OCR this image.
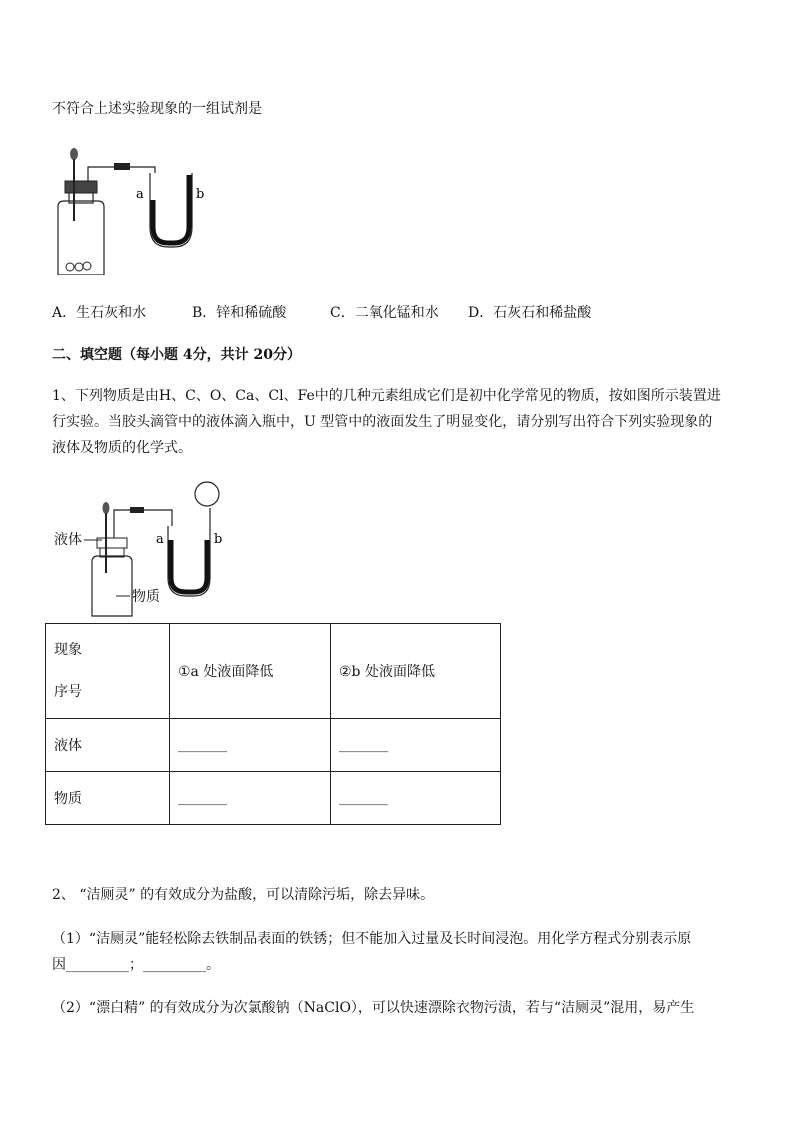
不符合上述实验现象的一组试剂是
a	b
A．生石灰和水	B．锌和稀硫酸	C．二氧化锰和水 D．石灰石和稀盐酸
二、填空题（每小题 4分，共计 20分）
1、下列物质是由H、C、O、Ca、Cl、Fe中的几种元素组成它们是初中化学常见的物质，按如图所示装置进
行实验。当胶头滴管中的液体滴入瓶中，U 型管中的液面发生了明显变化，请分别写出符合下列实验现象的
液体及物质的化学式。
a	b
液体
物质
现象
序号	①a 处液面降低	②b 处液面降低
液体	_______	_______
物质	_______	_______
2、 “洁厕灵” 的有效成分为盐酸，可以清除污垢，除去异味。
（1）“洁厕灵”能轻松除去铁制品表面的铁锈；但不能加入过量及长时间浸泡。用化学方程式分别表示原
因_________；_________。
（2）“漂白精” 的有效成分为次氯酸钠（NaClO），可以快速漂除衣物污渍，若与“洁厕灵”混用，易产生
